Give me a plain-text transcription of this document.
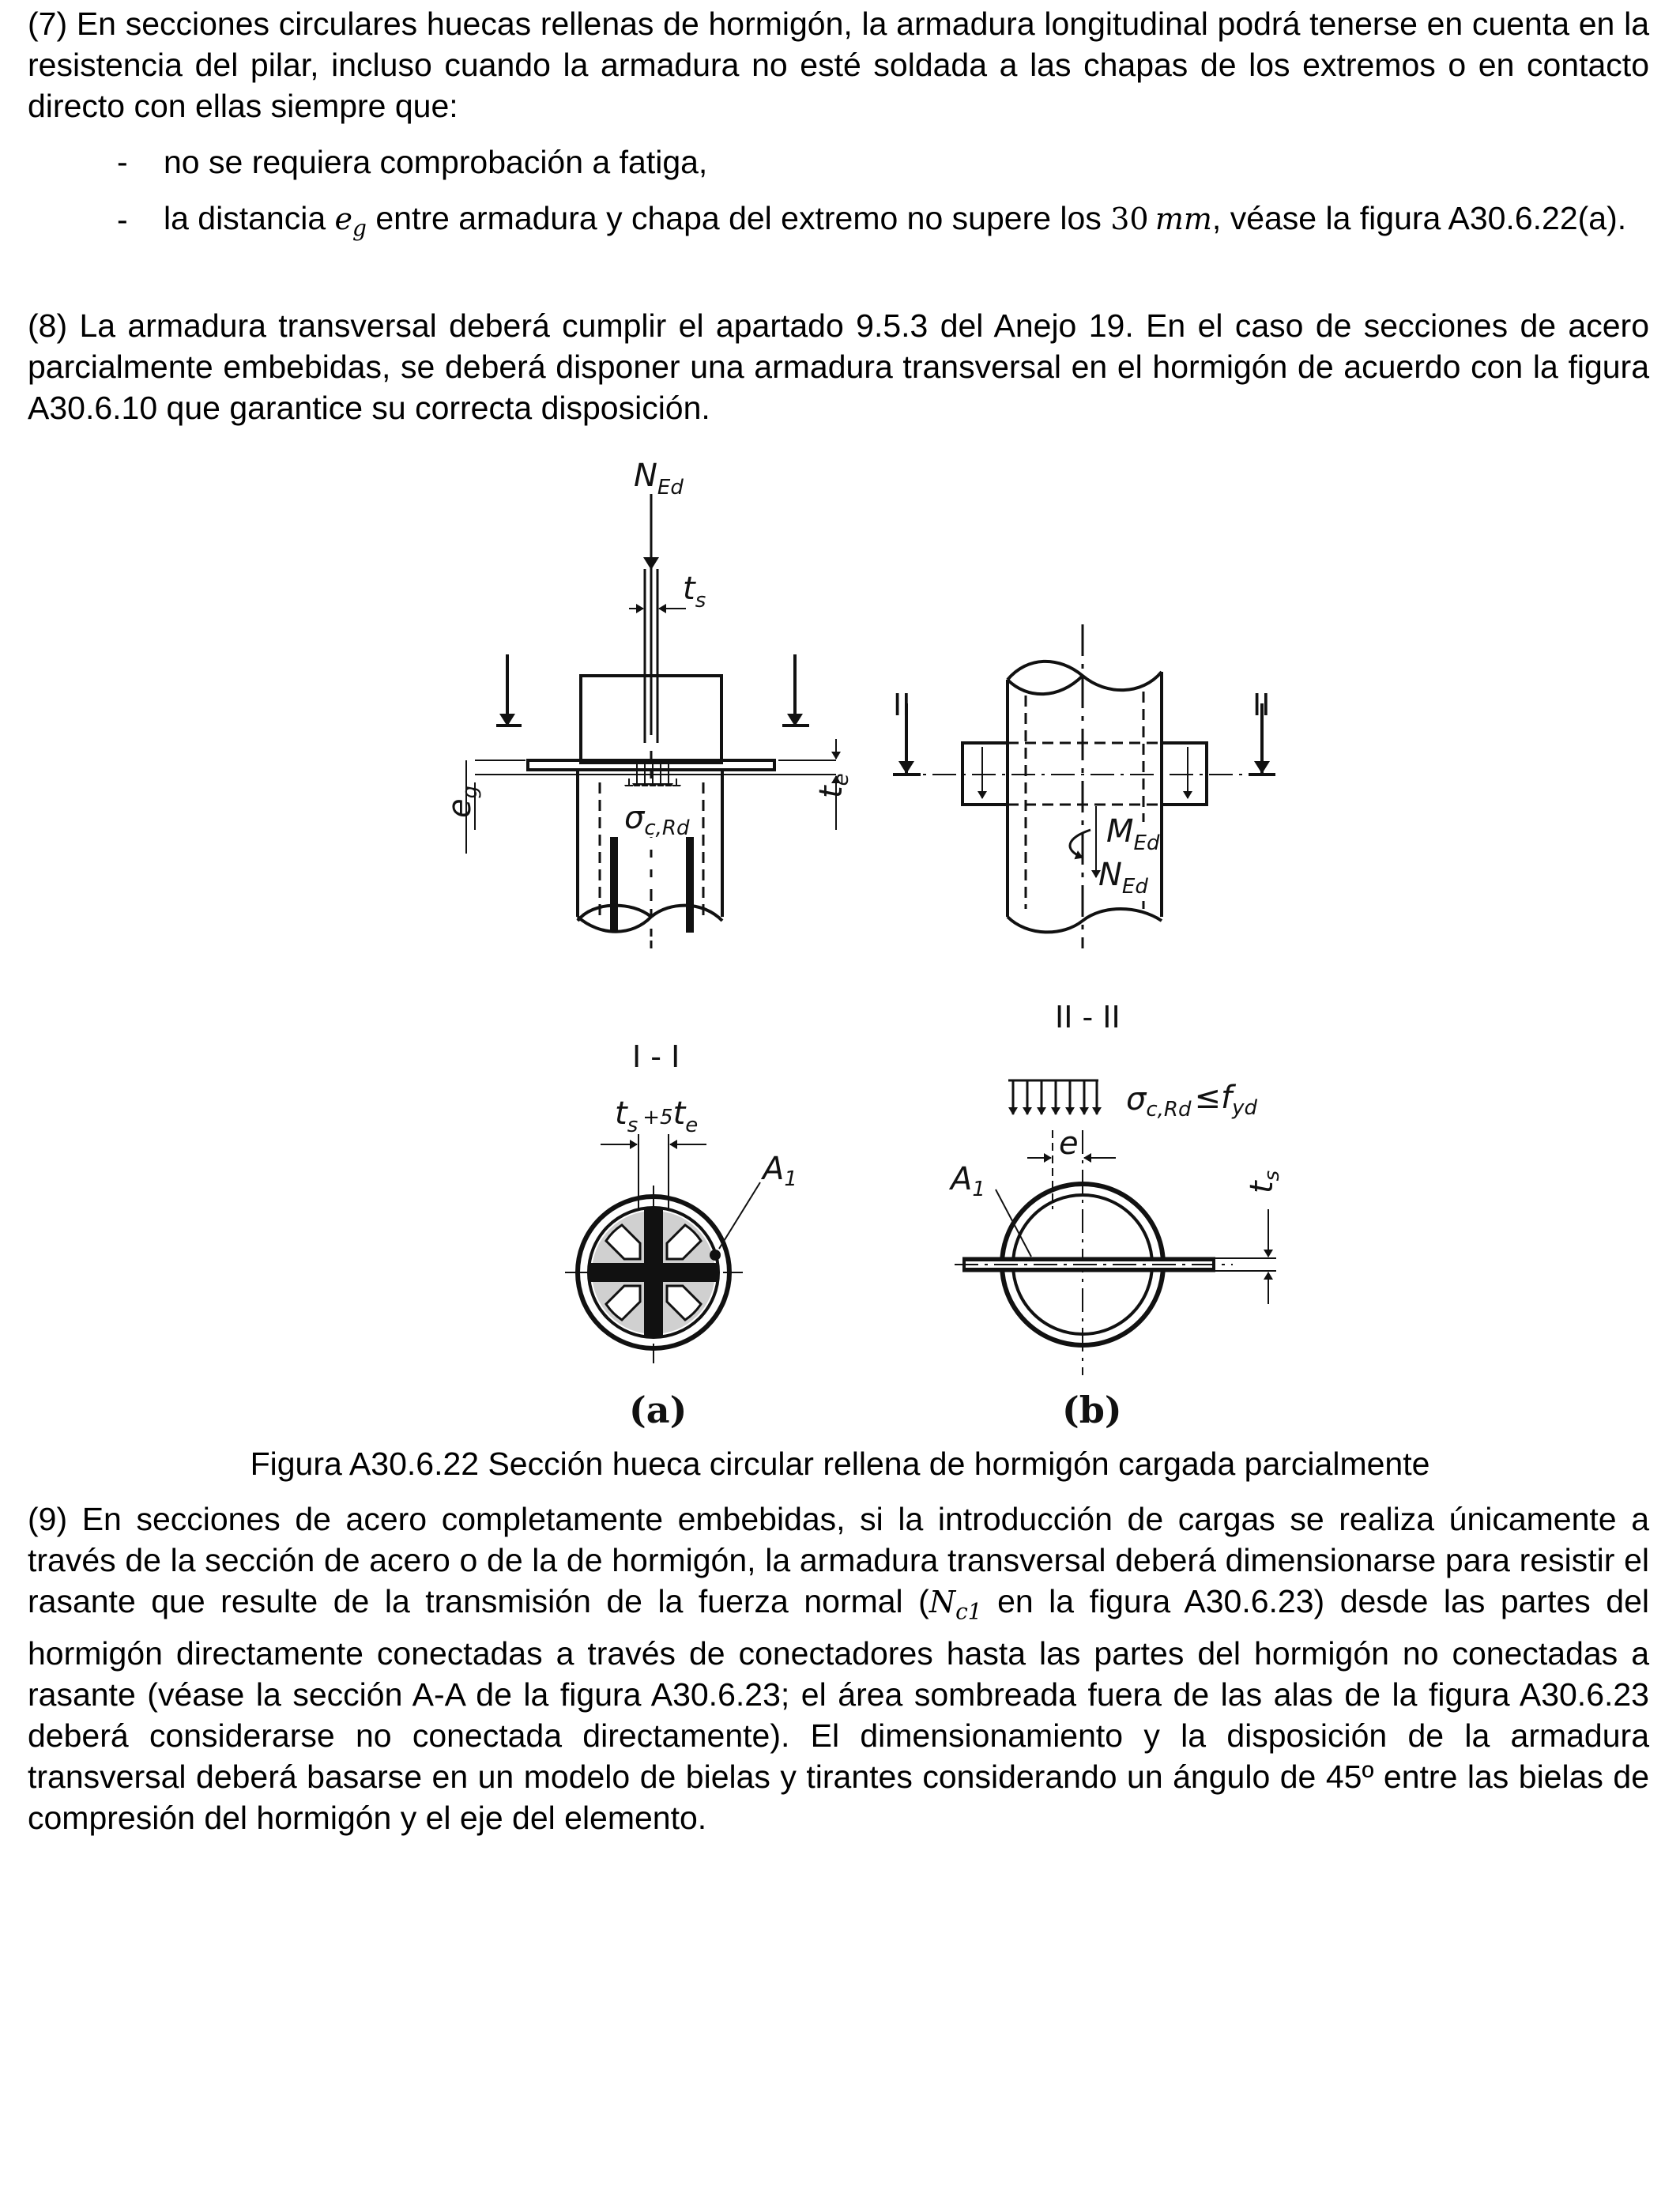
(7) En secciones circulares huecas rellenas de hormigón, la armadura longitudinal podrá tenerse en cuenta en la resistencia del pilar, incluso cuando la armadura no esté soldada a las chapas de los extremos o en contacto directo con ellas siempre que:

- no se requiera comprobación a fatiga,

- la distancia $e_g$ entre armadura y chapa del extremo no supere los 30  mm, véase la figura A30.6.22(a).

(8) La armadura transversal deberá cumplir el apartado 9.5.3 del Anejo 19. En el caso de secciones de acero parcialmente embebidas, se deberá disponer una armadura transversal en el hormigón de acuerdo con la figura A30.6.10 que garantice su correcta disposición.

$N_{Ed}$
$t_s$
$\sigma_{c,Rd}$
$e_g$	$t_e$
II	II
$M_{Ed}$
$N_{Ed}$
I - I
$t_s$ $^{+5}t_e$
$A_1$
II - II
$\sigma_{c,Rd} \le f_{yd}$
e
$A_1$	$t_s$
(a)	(b)
Figura A30.6.22 Sección hueca circular rellena de hormigón cargada parcialmente

(9) En secciones de acero completamente embebidas, si la introducción de cargas se realiza únicamente a través de la sección de acero o de la de hormigón, la armadura transversal deberá dimensionarse para resistir el rasante que resulte de la transmisión de la fuerza normal ($N_{c1}$ en la figura A30.6.23) desde las partes del hormigón directamente conectadas a través de conectadores hasta las partes del hormigón no conectadas a rasante (véase la sección A-A de la figura A30.6.23; el área sombreada fuera de las alas de la figura A30.6.23 deberá considerarse no conectada directamente). El dimensionamiento y la disposición de la armadura transversal deberá basarse en un modelo de bielas y tirantes considerando un ángulo de 45º entre las bielas de compresión del hormigón y el eje del elemento.
